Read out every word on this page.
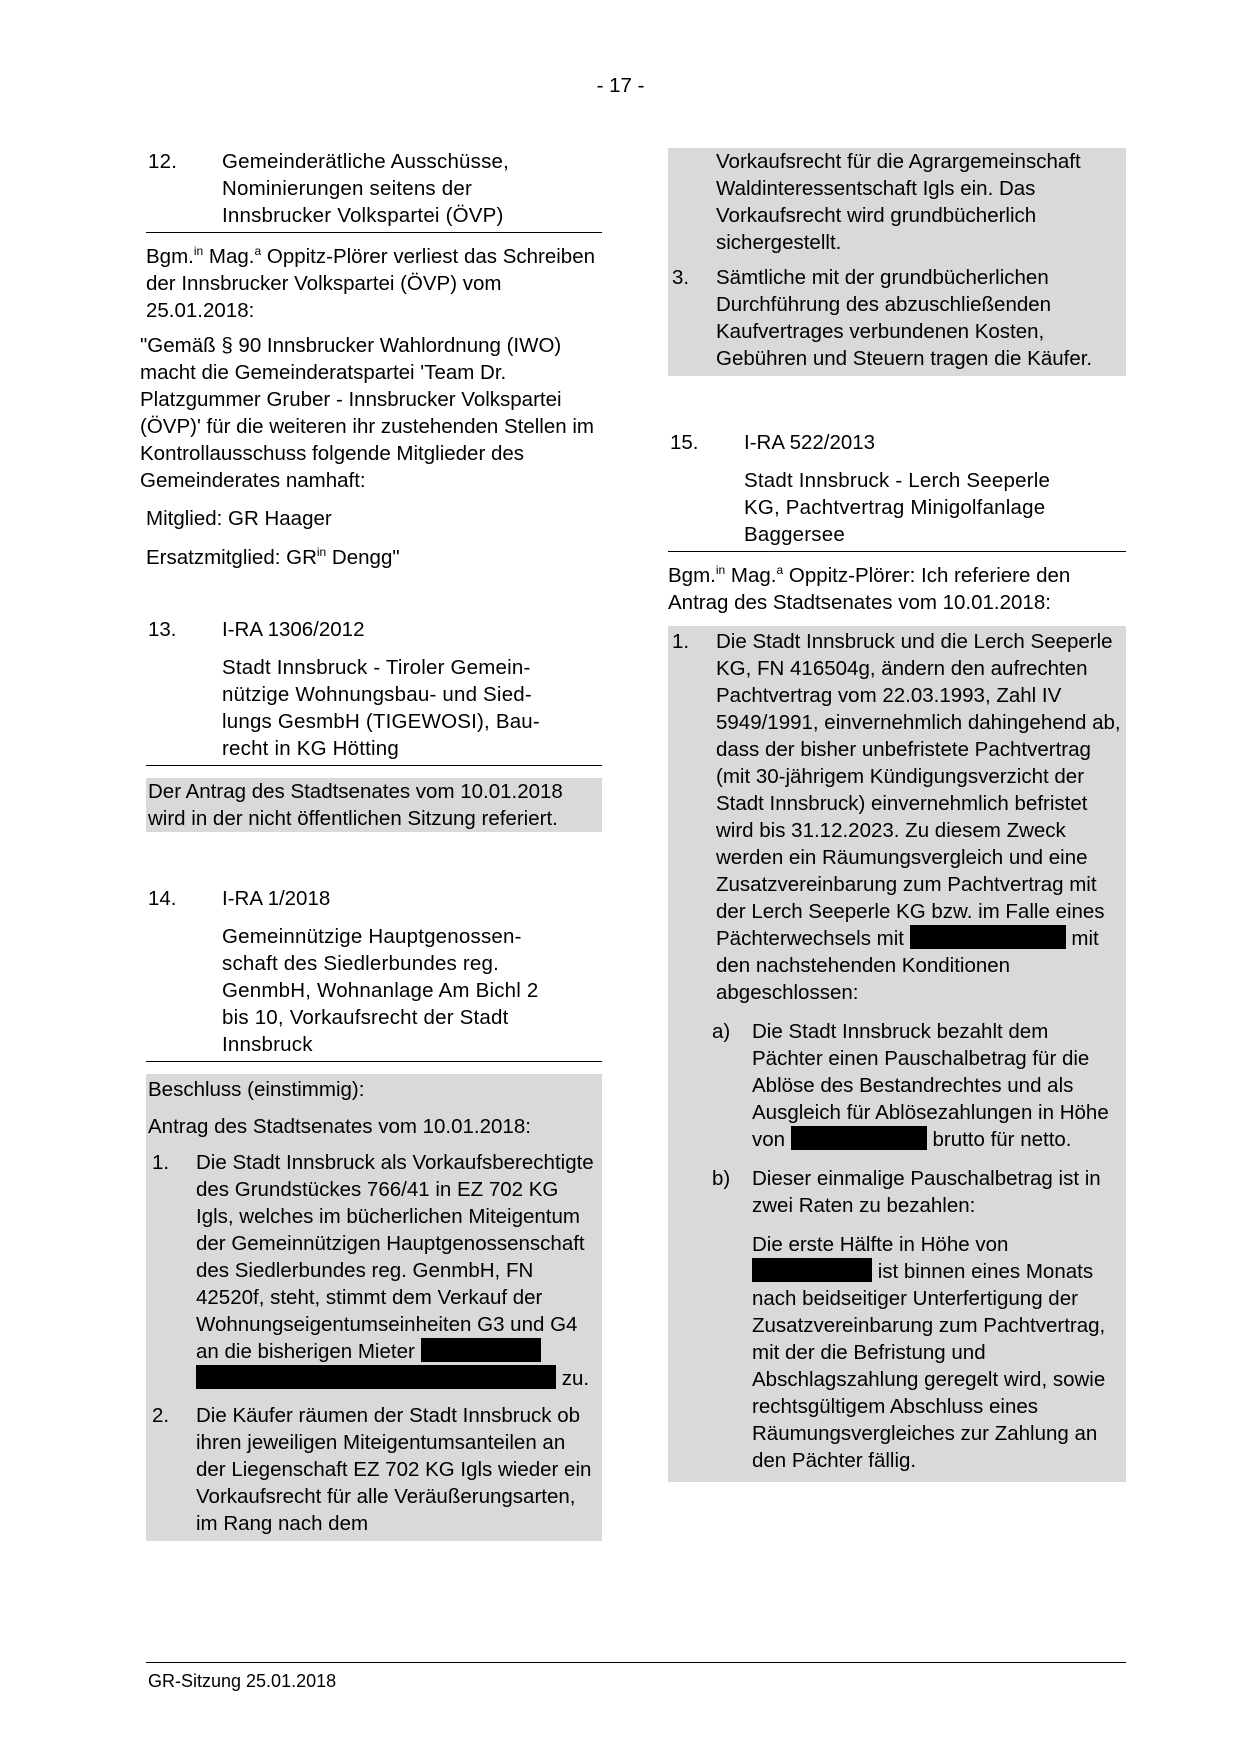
- 17 -
12. Gemeinderätliche Ausschüsse,
Nominierungen seitens der
Innsbrucker Volkspartei (ÖVP)

Bgm.$^{in}$ Mag.$^a$ Oppitz-Plörer verliest das Schreiben der Innsbrucker Volkspartei (ÖVP) vom 25.01.2018:

"Gemäß § 90 Innsbrucker Wahlordnung (IWO) macht die Gemeinderatspartei 'Team Dr. Platzgummer Gruber - Innsbrucker Volkspartei (ÖVP)' für die weiteren ihr zustehenden Stellen im Kontrollausschuss folgende Mitglieder des Gemeinderates namhaft:

Mitglied: GR Haager

Ersatzmitglied: $GR^{in}$ Dengg"

13. I-RA 1306/2012
Stadt Innsbruck - Tiroler Gemein-
nützige Wohnungsbau- und Sied-
lungs GesmbH (TIGEWOSI), Bau-
recht in KG Hötting

Der Antrag des Stadtsenates vom 10.01.2018 wird in der nicht öffentlichen Sitzung referiert.

14. I-RA 1/2018
Gemeinnützige Hauptgenossen-
schaft des Siedlerbundes reg.
GenmbH, Wohnanlage Am Bichl 2
bis 10, Vorkaufsrecht der Stadt
Innsbruck

Beschluss (einstimmig):

Antrag des Stadtsenates vom 10.01.2018:

1. Die Stadt Innsbruck als Vorkaufsberechtigte des Grundstückes 766/41 in EZ 702 KG Igls, welches im bücherlichen Miteigentum der Gemeinnützigen Hauptgenossenschaft des Siedlerbundes reg. GenmbH, FN 42520f, steht, stimmt dem Verkauf der Wohnungseigentumseinheiten G3 und G4 an die bisherigen Mieter   zu.
2. Die Käufer räumen der Stadt Innsbruck ob ihren jeweiligen Miteigentumsanteilen an der Liegenschaft EZ 702 KG Igls wieder ein Vorkaufsrecht für alle Veräußerungsarten, im Rang nach dem

Vorkaufsrecht für die Agrargemeinschaft Waldinteressentschaft Igls ein. Das Vorkaufsrecht wird grundbücherlich sichergestellt.

3. Sämtliche mit der grundbücherlichen Durchführung des abzuschließenden Kaufvertrages verbundenen Kosten, Gebühren und Steuern tragen die Käufer.
15. I-RA 522/2013
Stadt Innsbruck - Lerch Seeperle
KG, Pachtvertrag Minigolfanlage
Baggersee

Bgm.$^{in}$ Mag.$^a$ Oppitz-Plörer: Ich referiere den Antrag des Stadtsenates vom 10.01.2018:

1. Die Stadt Innsbruck und die Lerch Seeperle KG, FN 416504g, ändern den aufrechten Pachtvertrag vom 22.03.1993, Zahl IV 5949/1991, einvernehmlich dahingehend ab, dass der bisher unbefristete Pachtvertrag (mit 30-jährigem Kündigungsverzicht der Stadt Innsbruck) einvernehmlich befristet wird bis 31.12.2023. Zu diesem Zweck werden ein Räumungsvergleich und eine Zusatzvereinbarung zum Pachtvertrag mit der Lerch Seeperle KG bzw. im Falle eines Pächterwechsels mit	mit den nachstehenden Konditionen abgeschlossen:
a) Die Stadt Innsbruck bezahlt dem Pächter einen Pauschalbetrag für die Ablöse des Bestandrechtes und als Ausgleich für Ablösezahlungen in Höhe von	brutto für netto.
b) Dieser einmalige Pauschalbetrag ist in zwei Raten zu bezahlen:

Die erste Hälfte in Höhe von  ist binnen eines Monats nach beidseitiger Unterfertigung der Zusatzvereinbarung zum Pachtvertrag, mit der die Befristung und Abschlagszahlung geregelt wird, sowie rechtsgültigem Abschluss eines Räumungsvergleiches zur Zahlung an den Pächter fällig.

GR-Sitzung 25.01.2018
